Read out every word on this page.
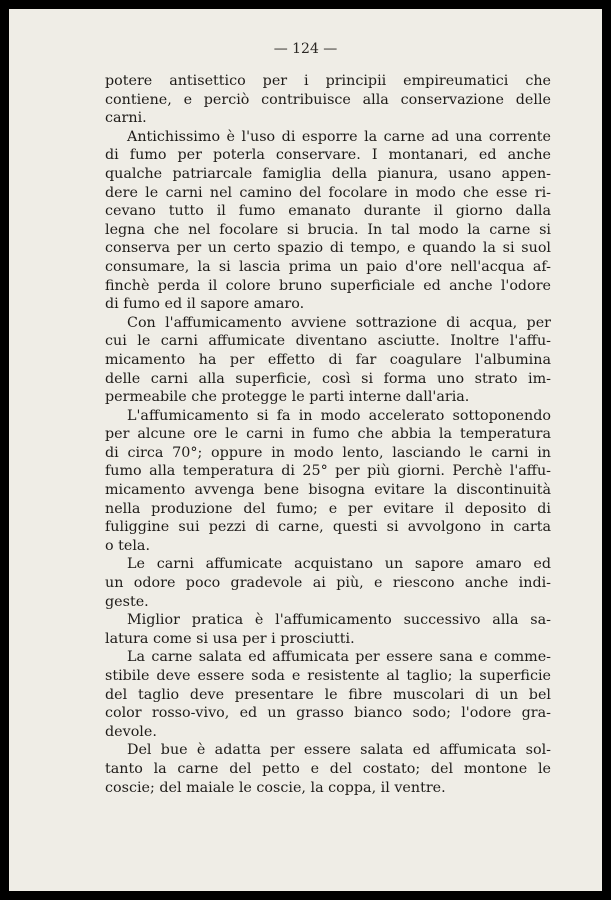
— 124 —

potere antisettico per i principii empireumatici che
contiene, e perciò contribuisce alla conservazione delle
carni.

Antichissimo è l'uso di esporre la carne ad una corrente
di fumo per poterla conservare. I montanari, ed anche
qualche patriarcale famiglia della pianura, usano appen-
dere le carni nel camino del focolare in modo che esse ri-
cevano tutto il fumo emanato durante il giorno dalla
legna che nel focolare si brucia. In tal modo la carne si
conserva per un certo spazio di tempo, e quando la si suol
consumare, la si lascia prima un paio d'ore nell'acqua af-
finchè perda il colore bruno superficiale ed anche l'odore
di fumo ed il sapore amaro.

Con l'affumicamento avviene sottrazione di acqua, per
cui le carni affumicate diventano asciutte. Inoltre l'affu-
micamento ha per effetto di far coagulare l'albumina
delle carni alla superficie, così si forma uno strato im-
permeabile che protegge le parti interne dall'aria.

L'affumicamento si fa in modo accelerato sottoponendo
per alcune ore le carni in fumo che abbia la temperatura
di circa 70°; oppure in modo lento, lasciando le carni in
fumo alla temperatura di 25° per più giorni. Perchè l'affu-
micamento avvenga bene bisogna evitare la discontinuità
nella produzione del fumo; e per evitare il deposito di
fuliggine sui pezzi di carne, questi si avvolgono in carta
o tela.

Le carni affumicate acquistano un sapore amaro ed
un odore poco gradevole ai più, e riescono anche indi-
geste.

Miglior pratica è l'affumicamento successivo alla sa-
latura come si usa per i prosciutti.

La carne salata ed affumicata per essere sana e comme-
stibile deve essere soda e resistente al taglio; la superficie
del taglio deve presentare le fibre muscolari di un bel
color rosso-vivo, ed un grasso bianco sodo; l'odore gra-
devole.

Del bue è adatta per essere salata ed affumicata sol-
tanto la carne del petto e del costato; del montone le
coscie; del maiale le coscie, la coppa, il ventre.
